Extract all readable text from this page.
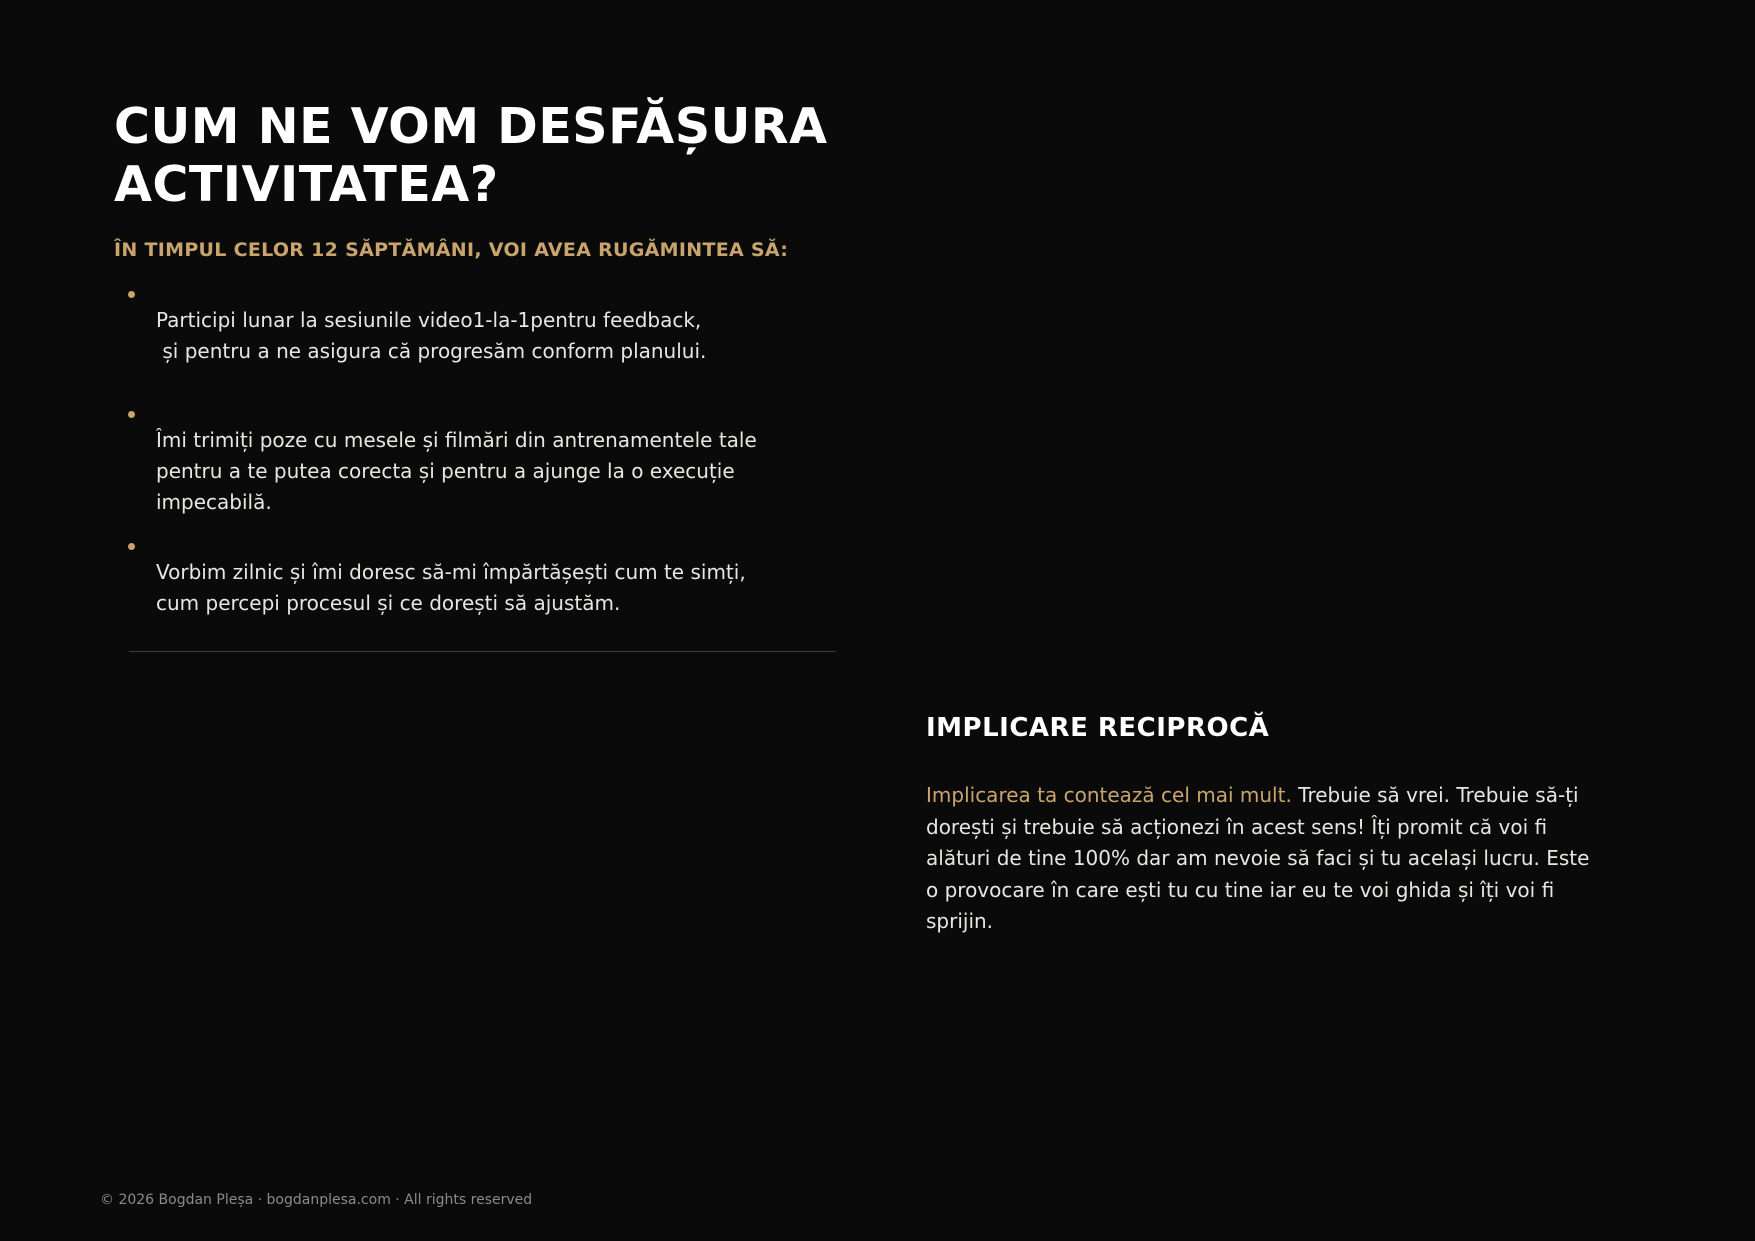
CUM NE VOM DESFĂȘURA
ACTIVITATEA?
ÎN TIMPUL CELOR 12 SĂPTĂMÂNI, VOI AVEA RUGĂMINTEA SĂ:
Participi lunar la sesiunile video1-la-1pentru feedback,
și pentru a ne asigura că progresăm conform planului.
Îmi trimiți poze cu mesele și filmări din antrenamentele tale
pentru a te putea corecta și pentru a ajunge la o execuție
impecabilă.
Vorbim zilnic și îmi doresc să-mi împărtășești cum te simți,
cum percepi procesul și ce dorești să ajustăm.
IMPLICARE RECIPROCĂ
Implicarea ta contează cel mai mult. Trebuie să vrei. Trebuie să-ți
dorești și trebuie să acționezi în acest sens! Îți promit că voi fi
alături de tine 100% dar am nevoie să faci și tu același lucru. Este
o provocare în care ești tu cu tine iar eu te voi ghida și îți voi fi
sprijin.
© 2026 Bogdan Pleșa · bogdanplesa.com · All rights reserved
